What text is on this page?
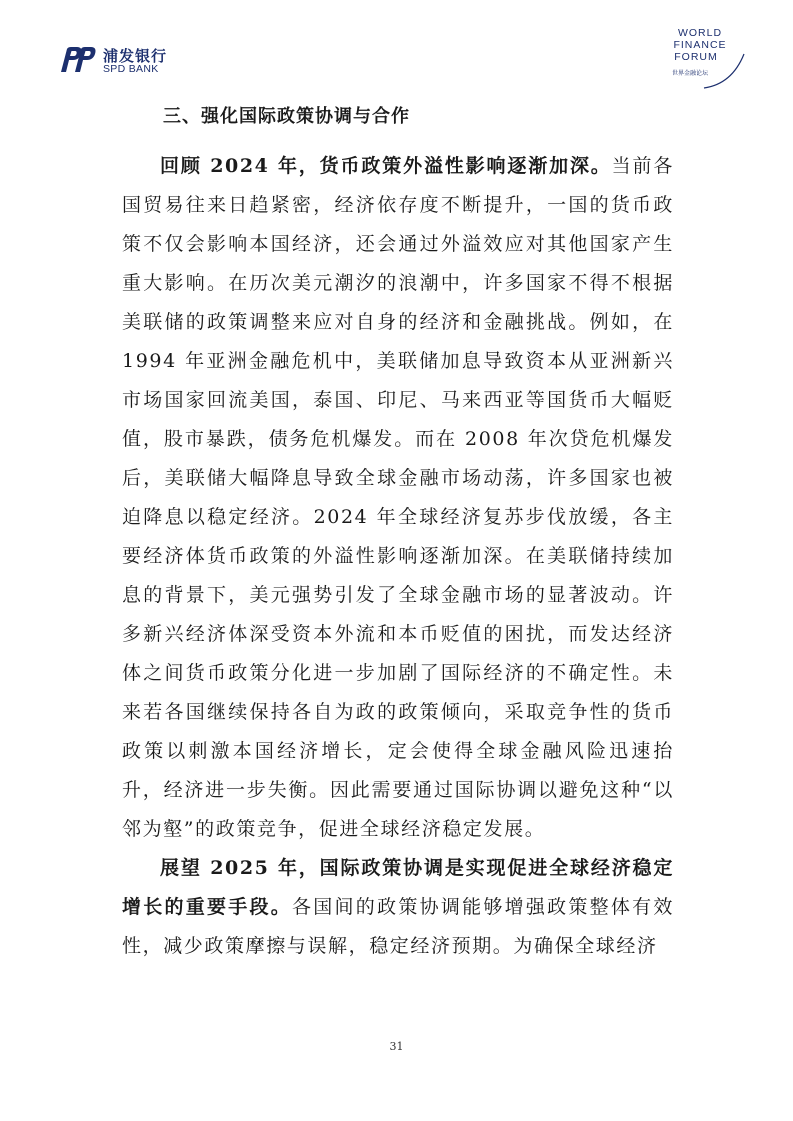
浦发银行
SPD BANK
WORLD
FINANCE
FORUM
世界金融论坛
三、强化国际政策协调与合作

回顾 2024 年，货币政策外溢性影响逐渐加深。当前各国贸易往来日趋紧密，经济依存度不断提升，一国的货币政策不仅会影响本国经济，还会通过外溢效应对其他国家产生重大影响。在历次美元潮汐的浪潮中，许多国家不得不根据美联储的政策调整来应对自身的经济和金融挑战。例如，在1994 年亚洲金融危机中，美联储加息导致资本从亚洲新兴市场国家回流美国，泰国、印尼、马来西亚等国货币大幅贬值，股市暴跌，债务危机爆发。而在 2008 年次贷危机爆发后，美联储大幅降息导致全球金融市场动荡，许多国家也被迫降息以稳定经济。2024 年全球经济复苏步伐放缓，各主要经济体货币政策的外溢性影响逐渐加深。在美联储持续加息的背景下，美元强势引发了全球金融市场的显著波动。许多新兴经济体深受资本外流和本币贬值的困扰，而发达经济体之间货币政策分化进一步加剧了国际经济的不确定性。未来若各国继续保持各自为政的政策倾向，采取竞争性的货币政策以刺激本国经济增长，定会使得全球金融风险迅速抬升，经济进一步失衡。因此需要通过国际协调以避免这种“以邻为壑”的政策竞争，促进全球经济稳定发展。

展望 2025 年，国际政策协调是实现促进全球经济稳定增长的重要手段。各国间的政策协调能够增强政策整体有效性，减少政策摩擦与误解，稳定经济预期。为确保全球经济

31
